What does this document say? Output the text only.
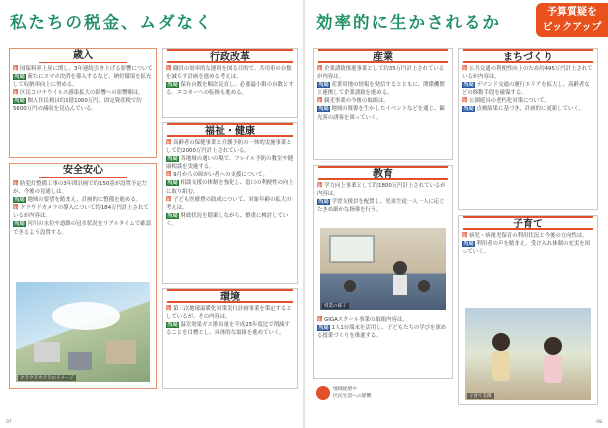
私たちの税金、ムダなく	効率的に生かされるか
予算質疑を
ピックアップ
歳入

問 国保料率上昇に関し、3年連続引き上げる影響について

当局 新たにスマホ決済を導入するなど、納付環境を拡充して収納率向上に努める。

問 区民コロナウイルス感染拡大の影響への影響額は。

当局 個人住民税は約1億1000万円、固定資産税で約5600万円の減収を見込んでいる。

安全安心

問 防犯灯整備工事の3年間計画で約150基が設置予定だが、今後の見通しは。

当局 地域の要望を踏まえ、計画的に整備を進める。

問 クラウドカメラの導入について約184万円計上されているが内容は。

当局 河川の水位や道路の冠水状況をリアルタイムで確認できるよう設置する。

クラウドカメラのイメージ
行政改革

問 職員の効率的な運用を図る目的で、共用車の台数を減らす計画を進める考えは。

当局 保有台数を順次見直し、必要最小限の台数とする。エコカーへの転換も進める。

福祉・健康

問 高齢者の保健事業と介護予防の一体的実施事業として約2000万円計上されている。

当局 各地域の通いの場で、フレイル予防の教室や健康相談を実施する。

問 9月からの障がい者への支援について。

当局 相談支援の体制を強化し、窓口の利便性の向上に取り組む。

問 子ども医療費の助成について、対象年齢の拡大の考えは。

当局 財政状況を勘案しながら、慎重に検討していく。

環境

問 第三次地球温暖化対策実行計画事業を策定するとしているが、その内容は。

当局 温室効果ガス排出量を平成25年度比で削減することを目標とし、具体的な取組を進めていく。

産業

問 企業誘致推進事業として約35万円計上されているが内容は。

当局 産業用地の情報を発信するとともに、関係機関と連携して企業誘致を進める。

問 観光事業の今後の取組は。

当局 地域の資源を生かしたイベントなどを通じ、観光客の誘客を図っていく。

教育

問 学力向上事業として約1800万円計上されているが内容は。

当局 学習支援員を配置し、児童生徒一人一人に応じたきめ細かな指導を行う。

授業の様子

問 GIGAスクール事業の取組内容は。

当局 1人1台端末を活用し、子どもたちの学びを深める授業づくりを推進する。

まちづくり

問 公共交通の利便性向上のため約495万円計上されているが内容は。

当局 デマンド交通の運行エリアを拡大し、高齢者などの移動手段を確保する。

問 公園遊具の老朽化対策について。

当局 点検結果に基づき、計画的に更新していく。

子育て

問 病児・病後児保育の利用状況と今後の方向性は。

当局 利用者の声を踏まえ、受け入れ体制の充実を図っていく。

子育て支援
地域経済や
区民生活への影響
07	08
